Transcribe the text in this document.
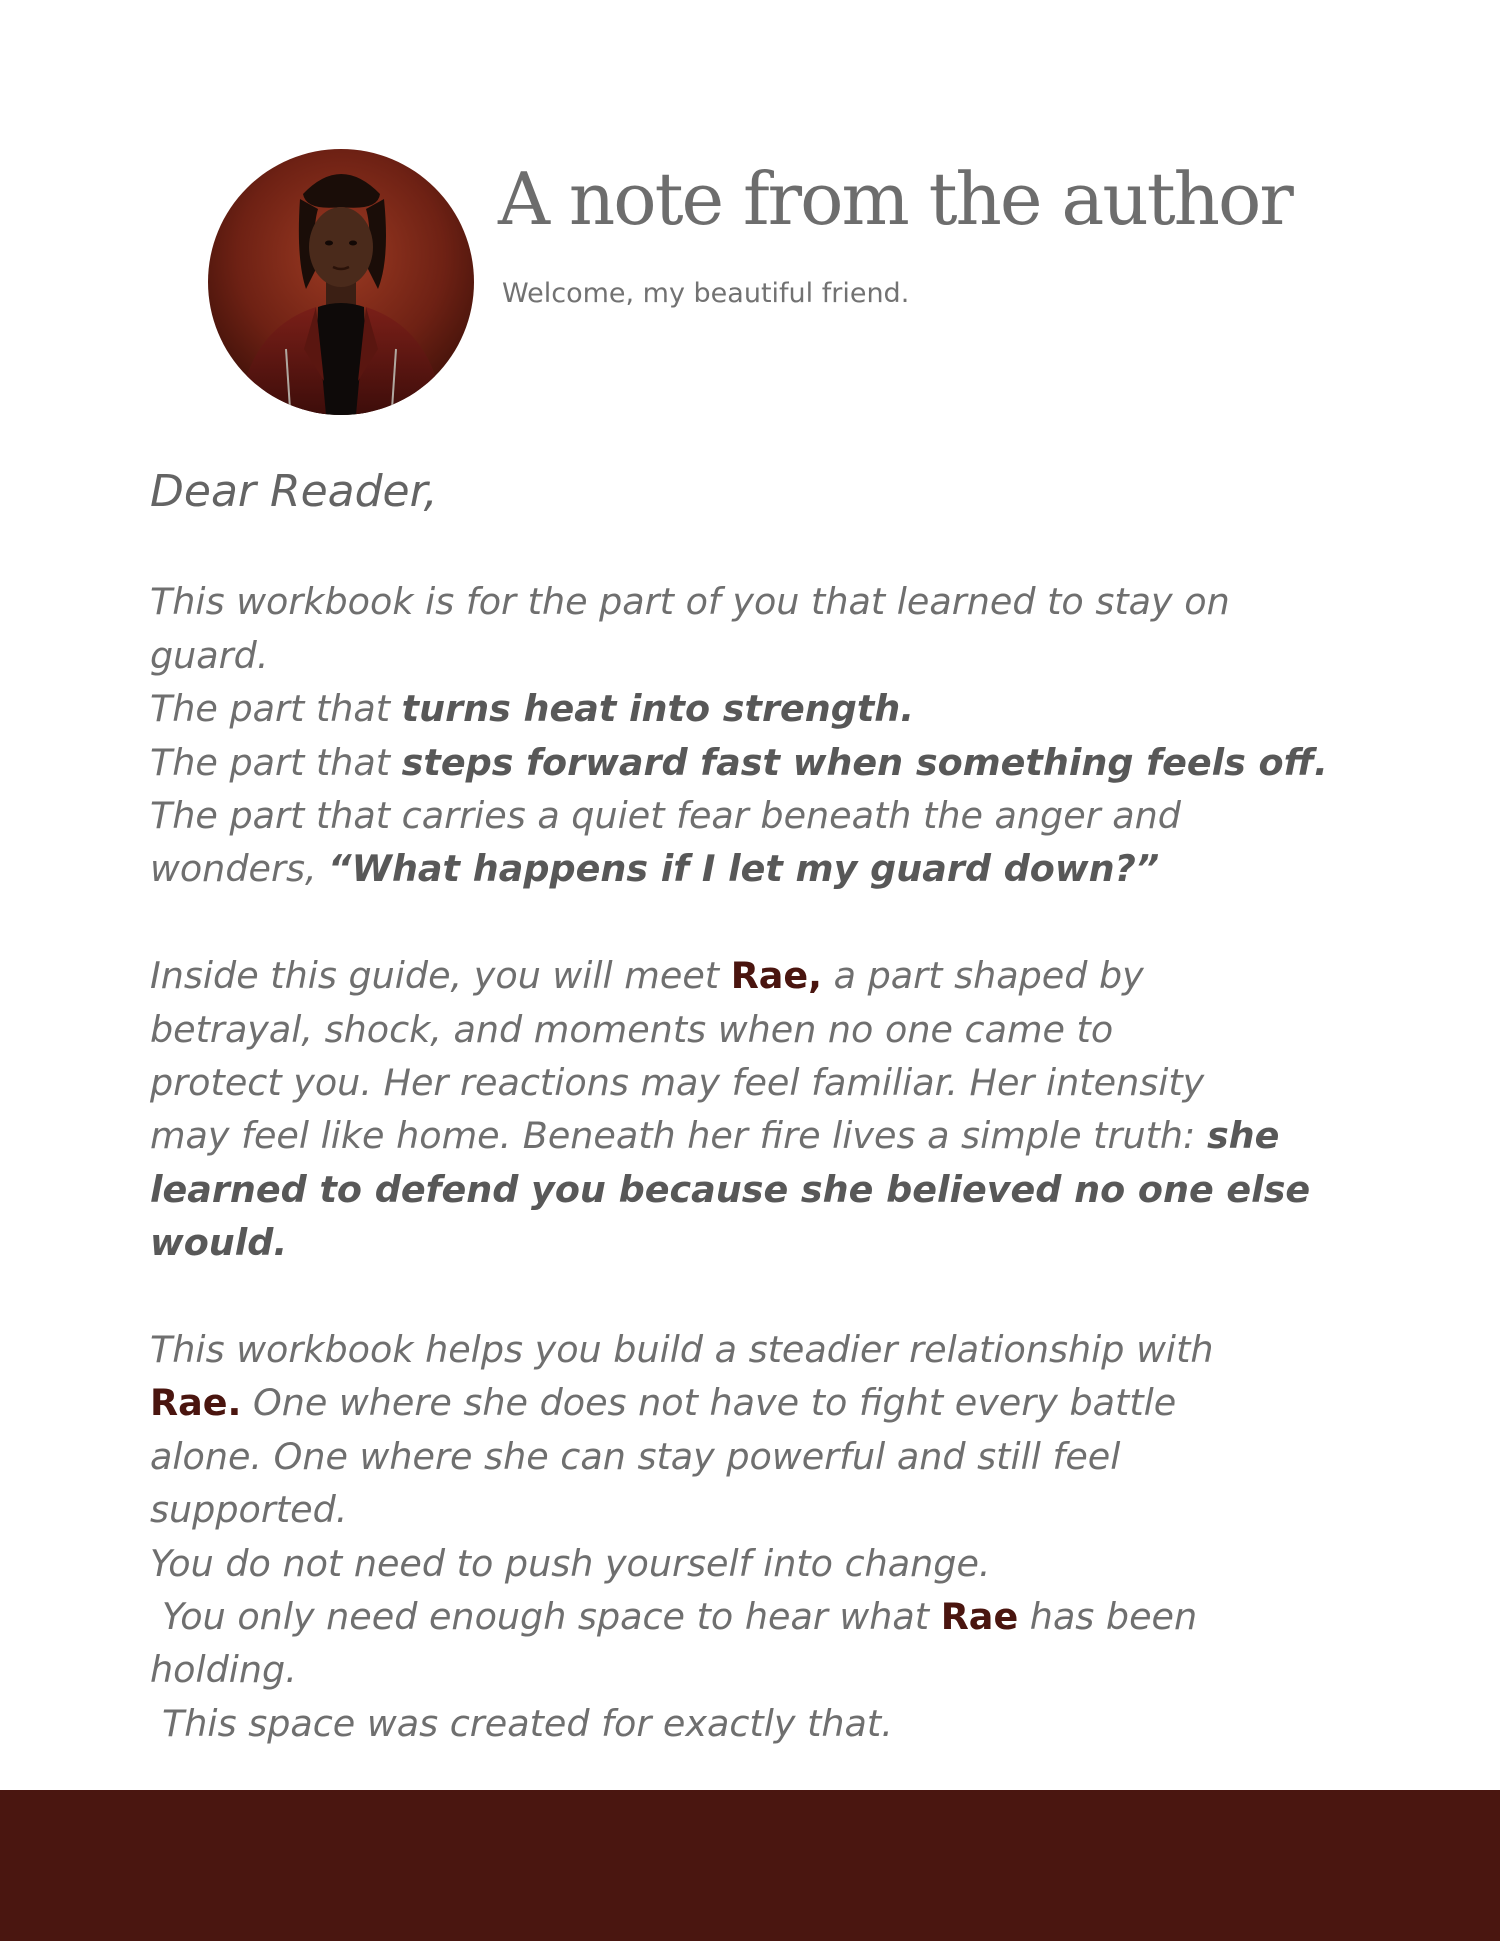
A note from the author

Welcome, my beautiful friend.

Dear Reader,

This workbook is for the part of you that learned to stay on
guard.
The part that turns heat into strength.
The part that steps forward fast when something feels off.
The part that carries a quiet fear beneath the anger and
wonders, “What happens if I let my guard down?”

Inside this guide, you will meet Rae, a part shaped by
betrayal, shock, and moments when no one came to
protect you. Her reactions may feel familiar. Her intensity
may feel like home. Beneath her fire lives a simple truth: she
learned to defend you because she believed no one else
would.

This workbook helps you build a steadier relationship with
Rae. One where she does not have to fight every battle
alone. One where she can stay powerful and still feel
supported.
You do not need to push yourself into change.
You only need enough space to hear what Rae has been
holding.
This space was created for exactly that.
